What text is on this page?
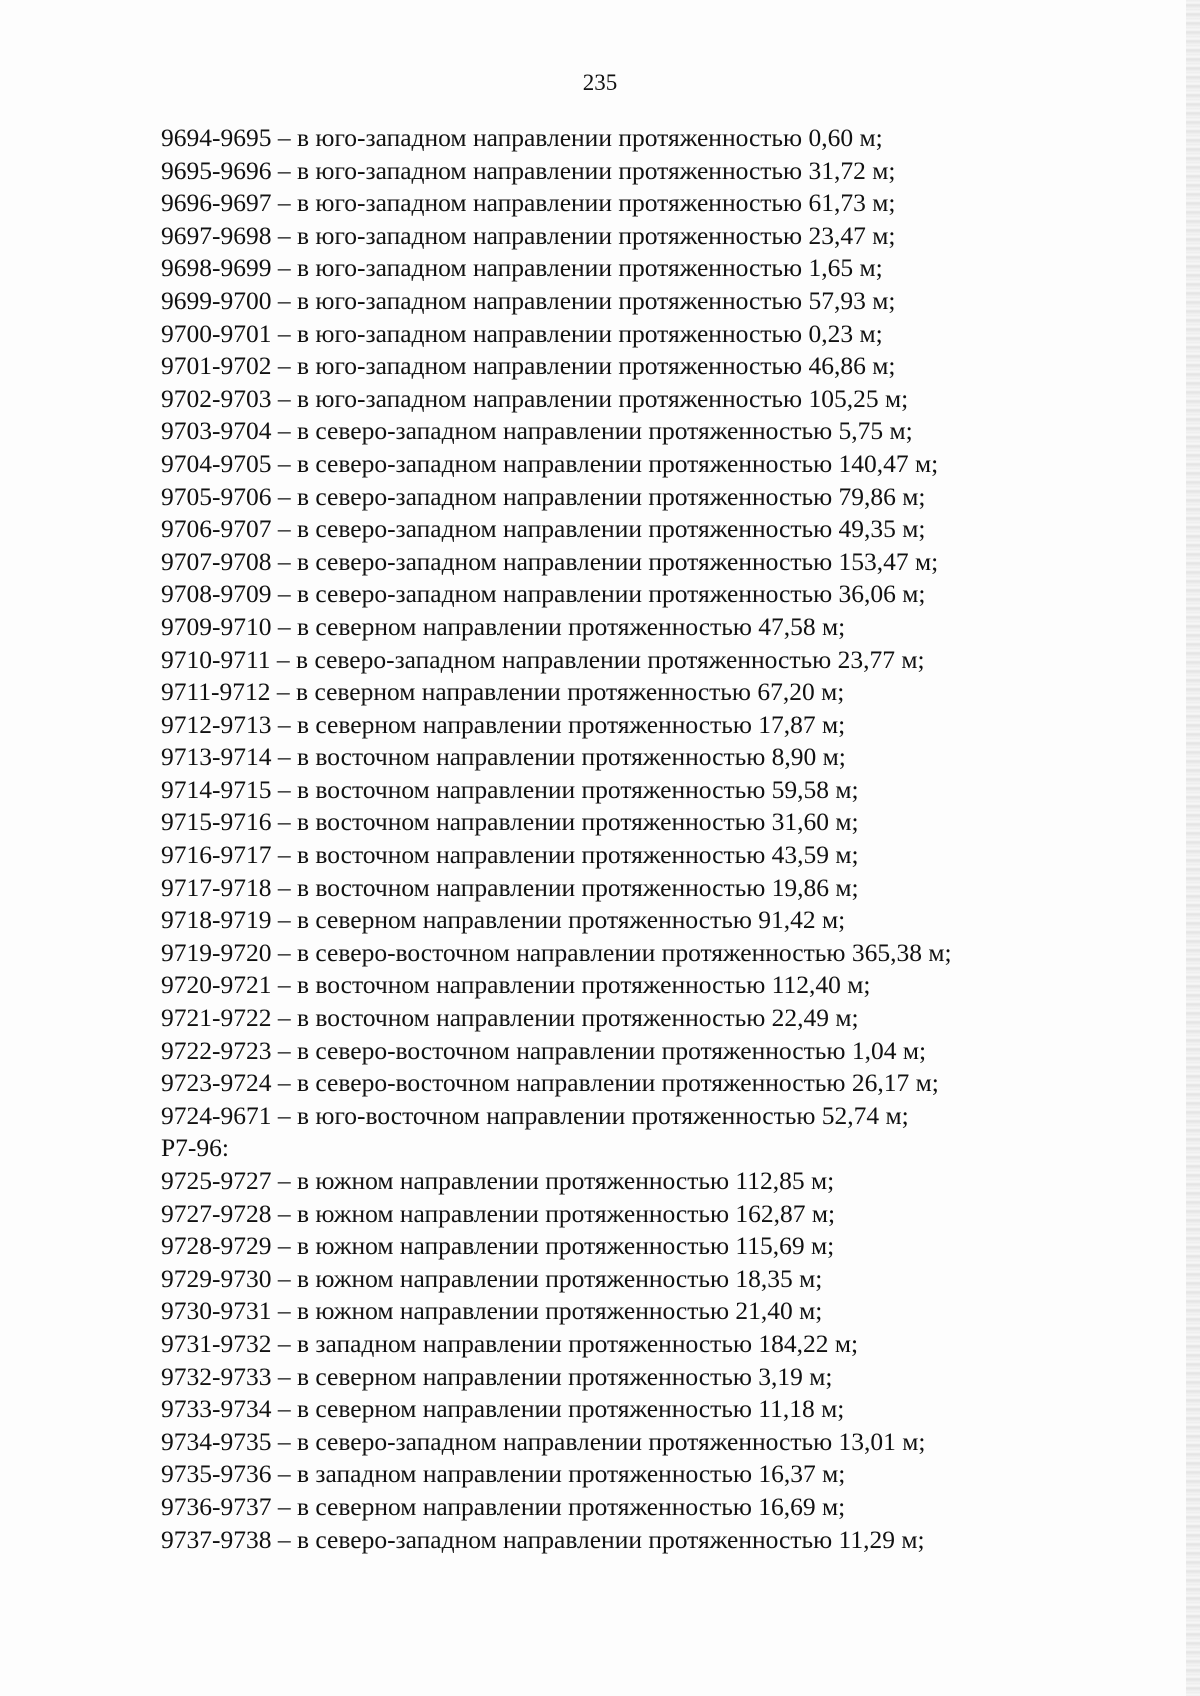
235

9694-9695 – в юго-западном направлении протяженностью 0,60 м;
9695-9696 – в юго-западном направлении протяженностью 31,72 м;
9696-9697 – в юго-западном направлении протяженностью 61,73 м;
9697-9698 – в юго-западном направлении протяженностью 23,47 м;
9698-9699 – в юго-западном направлении протяженностью 1,65 м;
9699-9700 – в юго-западном направлении протяженностью 57,93 м;
9700-9701 – в юго-западном направлении протяженностью 0,23 м;
9701-9702 – в юго-западном направлении протяженностью 46,86 м;
9702-9703 – в юго-западном направлении протяженностью 105,25 м;
9703-9704 – в северо-западном направлении протяженностью 5,75 м;
9704-9705 – в северо-западном направлении протяженностью 140,47 м;
9705-9706 – в северо-западном направлении протяженностью 79,86 м;
9706-9707 – в северо-западном направлении протяженностью 49,35 м;
9707-9708 – в северо-западном направлении протяженностью 153,47 м;
9708-9709 – в северо-западном направлении протяженностью 36,06 м;
9709-9710 – в северном направлении протяженностью 47,58 м;
9710-9711 – в северо-западном направлении протяженностью 23,77 м;
9711-9712 – в северном направлении протяженностью 67,20 м;
9712-9713 – в северном направлении протяженностью 17,87 м;
9713-9714 – в восточном направлении протяженностью 8,90 м;
9714-9715 – в восточном направлении протяженностью 59,58 м;
9715-9716 – в восточном направлении протяженностью 31,60 м;
9716-9717 – в восточном направлении протяженностью 43,59 м;
9717-9718 – в восточном направлении протяженностью 19,86 м;
9718-9719 – в северном направлении протяженностью 91,42 м;
9719-9720 – в северо-восточном направлении протяженностью 365,38 м;
9720-9721 – в восточном направлении протяженностью 112,40 м;
9721-9722 – в восточном направлении протяженностью 22,49 м;
9722-9723 – в северо-восточном направлении протяженностью 1,04 м;
9723-9724 – в северо-восточном направлении протяженностью 26,17 м;
9724-9671 – в юго-восточном направлении протяженностью 52,74 м;
Р7-96:
9725-9727 – в южном направлении протяженностью 112,85 м;
9727-9728 – в южном направлении протяженностью 162,87 м;
9728-9729 – в южном направлении протяженностью 115,69 м;
9729-9730 – в южном направлении протяженностью 18,35 м;
9730-9731 – в южном направлении протяженностью 21,40 м;
9731-9732 – в западном направлении протяженностью 184,22 м;
9732-9733 – в северном направлении протяженностью 3,19 м;
9733-9734 – в северном направлении протяженностью 11,18 м;
9734-9735 – в северо-западном направлении протяженностью 13,01 м;
9735-9736 – в западном направлении протяженностью 16,37 м;
9736-9737 – в северном направлении протяженностью 16,69 м;
9737-9738 – в северо-западном направлении протяженностью 11,29 м;
